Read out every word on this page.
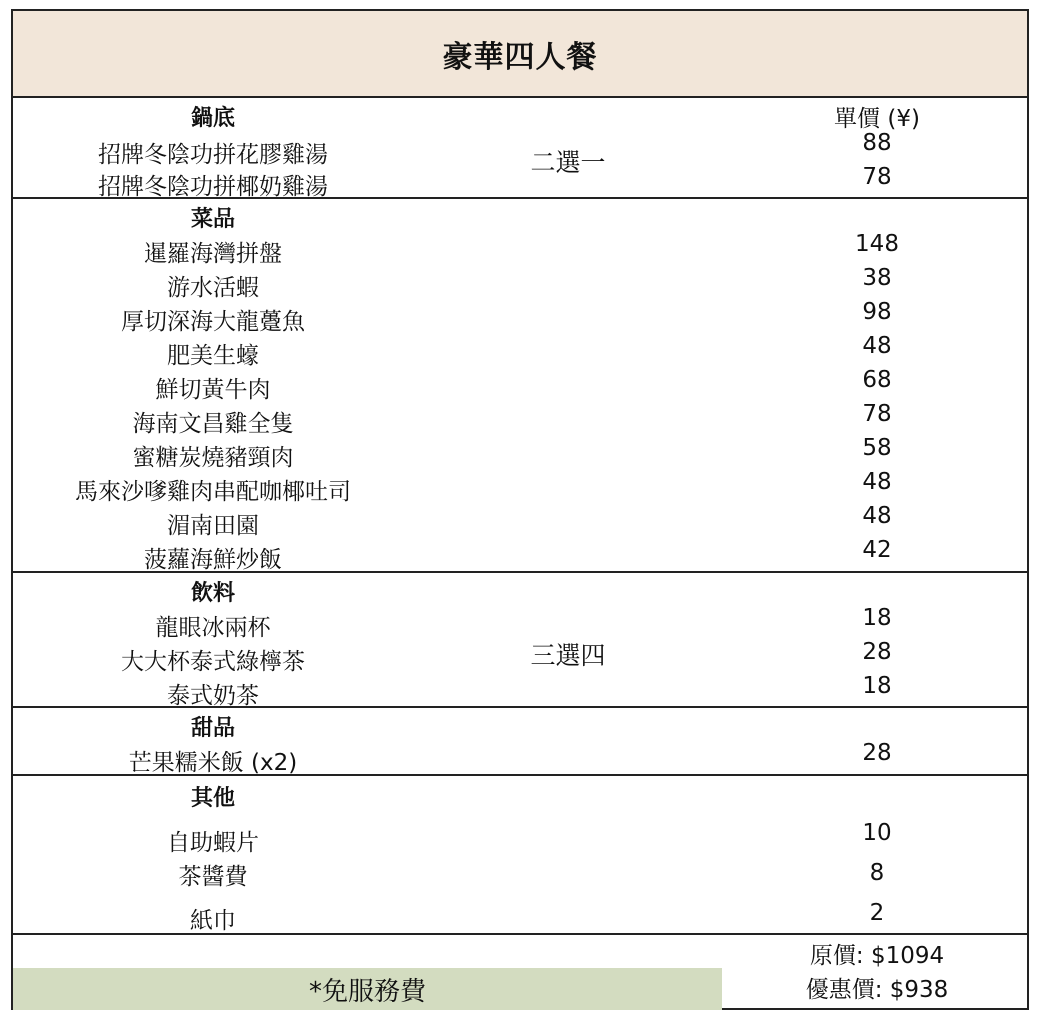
豪華四人餐
鍋底	單價 (¥)
招牌冬陰功拼花膠雞湯	88
招牌冬陰功拼椰奶雞湯	78
二選一
菜品
暹羅海灣拼盤	148
游水活蝦	38
厚切深海大龍躉魚	98
肥美生蠔	48
鮮切黃牛肉	68
海南文昌雞全隻	78
蜜糖炭燒豬頸肉	58
馬來沙嗲雞肉串配咖椰吐司	48
湄南田園	48
菠蘿海鮮炒飯	42
飲料
龍眼冰兩杯	18
大大杯泰式綠檸茶	28
泰式奶茶	18
三選四
甜品
芒果糯米飯 (x2)	28
其他
自助蝦片	10
茶醬費	8
紙巾	2
原價: $1094
優惠價: $938
*免服務費
